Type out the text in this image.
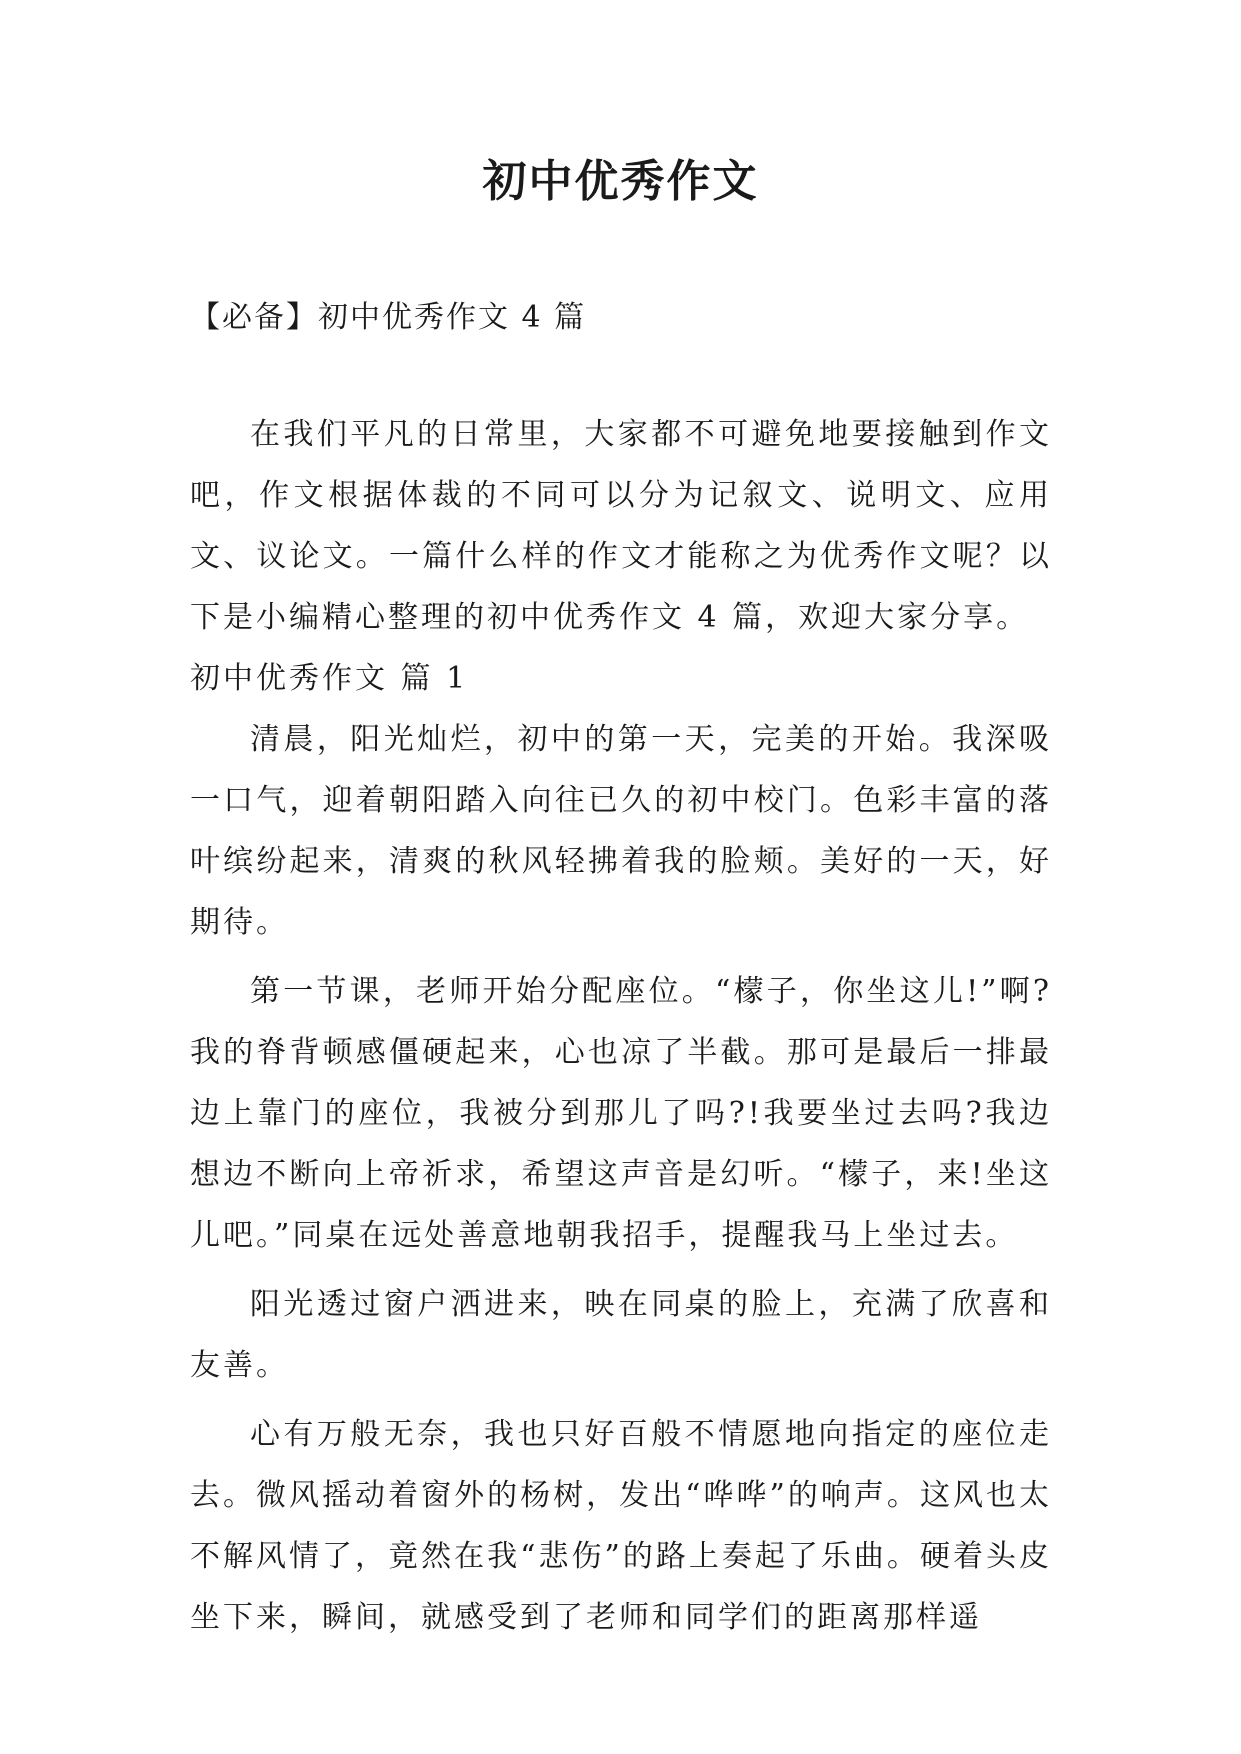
初中优秀作文
【必备】初中优秀作文 4 篇

在我们平凡的日常里，大家都不可避免地要接触到作文吧，作文根据体裁的不同可以分为记叙文、说明文、应用文、议论文。一篇什么样的作文才能称之为优秀作文呢？以下是小编精心整理的初中优秀作文 4 篇，欢迎大家分享。

初中优秀作文 篇 1

清晨，阳光灿烂，初中的第一天，完美的开始。我深吸一口气，迎着朝阳踏入向往已久的初中校门。色彩丰富的落叶缤纷起来，清爽的秋风轻拂着我的脸颊。美好的一天，好期待。

第一节课，老师开始分配座位。“檬子，你坐这儿!”啊?我的脊背顿感僵硬起来，心也凉了半截。那可是最后一排最边上靠门的座位，我被分到那儿了吗?!我要坐过去吗?我边想边不断向上帝祈求，希望这声音是幻听。“檬子，来!坐这儿吧。”同桌在远处善意地朝我招手，提醒我马上坐过去。

阳光透过窗户洒进来，映在同桌的脸上，充满了欣喜和友善。

心有万般无奈，我也只好百般不情愿地向指定的座位走去。微风摇动着窗外的杨树，发出“哗哗”的响声。这风也太不解风情了，竟然在我“悲伤”的路上奏起了乐曲。硬着头皮坐下来，瞬间，就感受到了老师和同学们的距离那样遥
